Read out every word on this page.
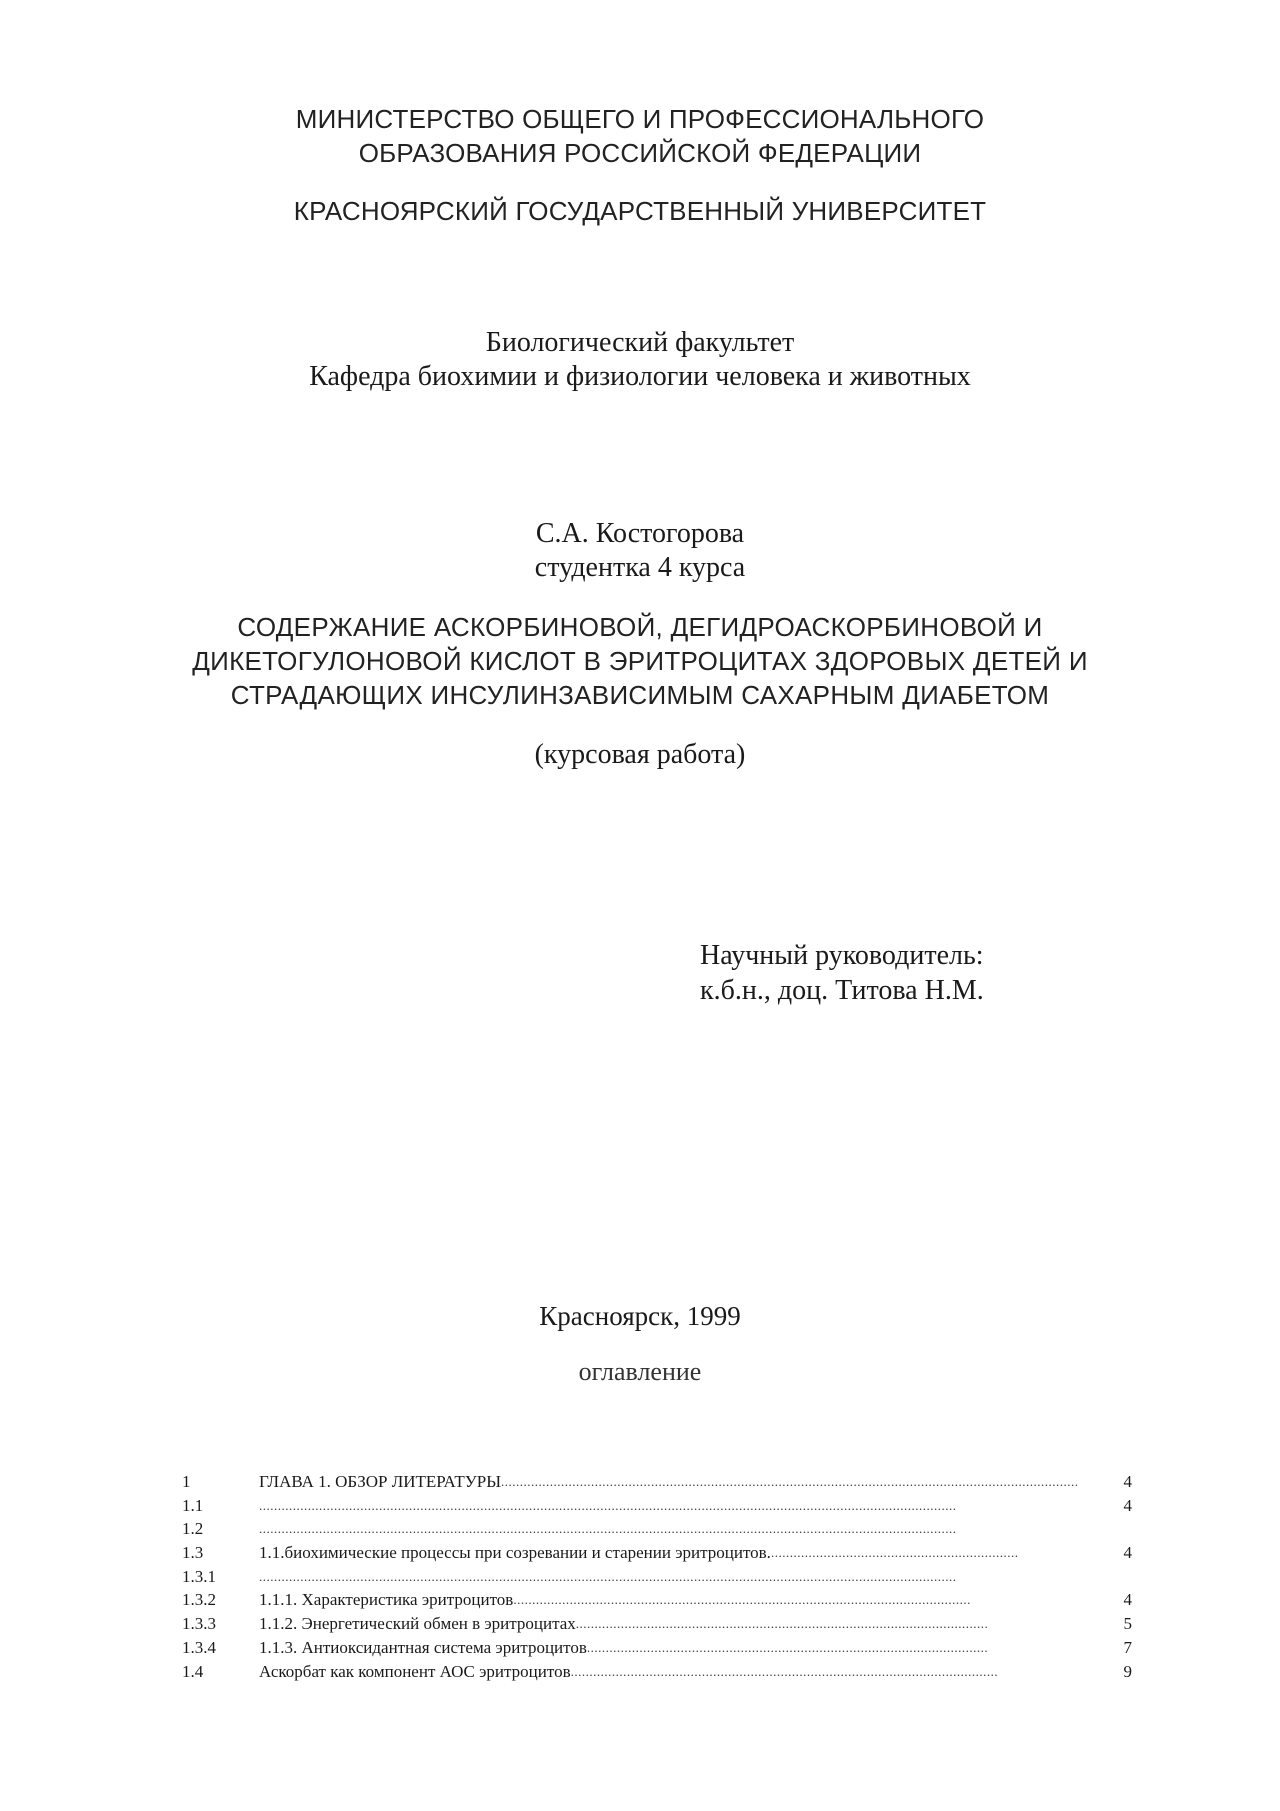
МИНИСТЕРСТВО ОБЩЕГО И ПРОФЕССИОНАЛЬНОГО
ОБРАЗОВАНИЯ РОССИЙСКОЙ ФЕДЕРАЦИИ
КРАСНОЯРСКИЙ ГОСУДАРСТВЕННЫЙ УНИВЕРСИТЕТ
Биологический факультет
Кафедра биохимии и физиологии человека и животных
С.А. Костогорова
студентка 4 курса
СОДЕРЖАНИЕ АСКОРБИНОВОЙ, ДЕГИДРОАСКОРБИНОВОЙ И
ДИКЕТОГУЛОНОВОЙ КИСЛОТ В ЭРИТРОЦИТАХ ЗДОРОВЫХ ДЕТЕЙ И
СТРАДАЮЩИХ ИНСУЛИНЗАВИСИМЫМ САХАРНЫМ ДИАБЕТОМ
(курсовая работа)
Научный руководитель:
к.б.н., доц. Титова Н.М.
Красноярск, 1999
оглавление
1	ГЛАВА 1. ОБЗОР ЛИТЕРАТУРЫ ..........................................................................................................................................................	4
1.1	..........................................................................................................................................................................................	4
1.2	..........................................................................................................................................................................................
1.3	1.1.биохимические процессы при созревании и старении эритроцитов. ..................................................................	4
1.3.1	..........................................................................................................................................................................................
1.3.2	1.1.1. Характеристика эритроцитов ..........................................................................................................................	4
1.3.3	1.1.2. Энергетический обмен в эритроцитах ..............................................................................................................	5
1.3.4	1.1.3. Антиоксидантная система эритроцитов ...........................................................................................................	7
1.4	Аскорбат как компонент АОС эритроцитов ..................................................................................................................	9
